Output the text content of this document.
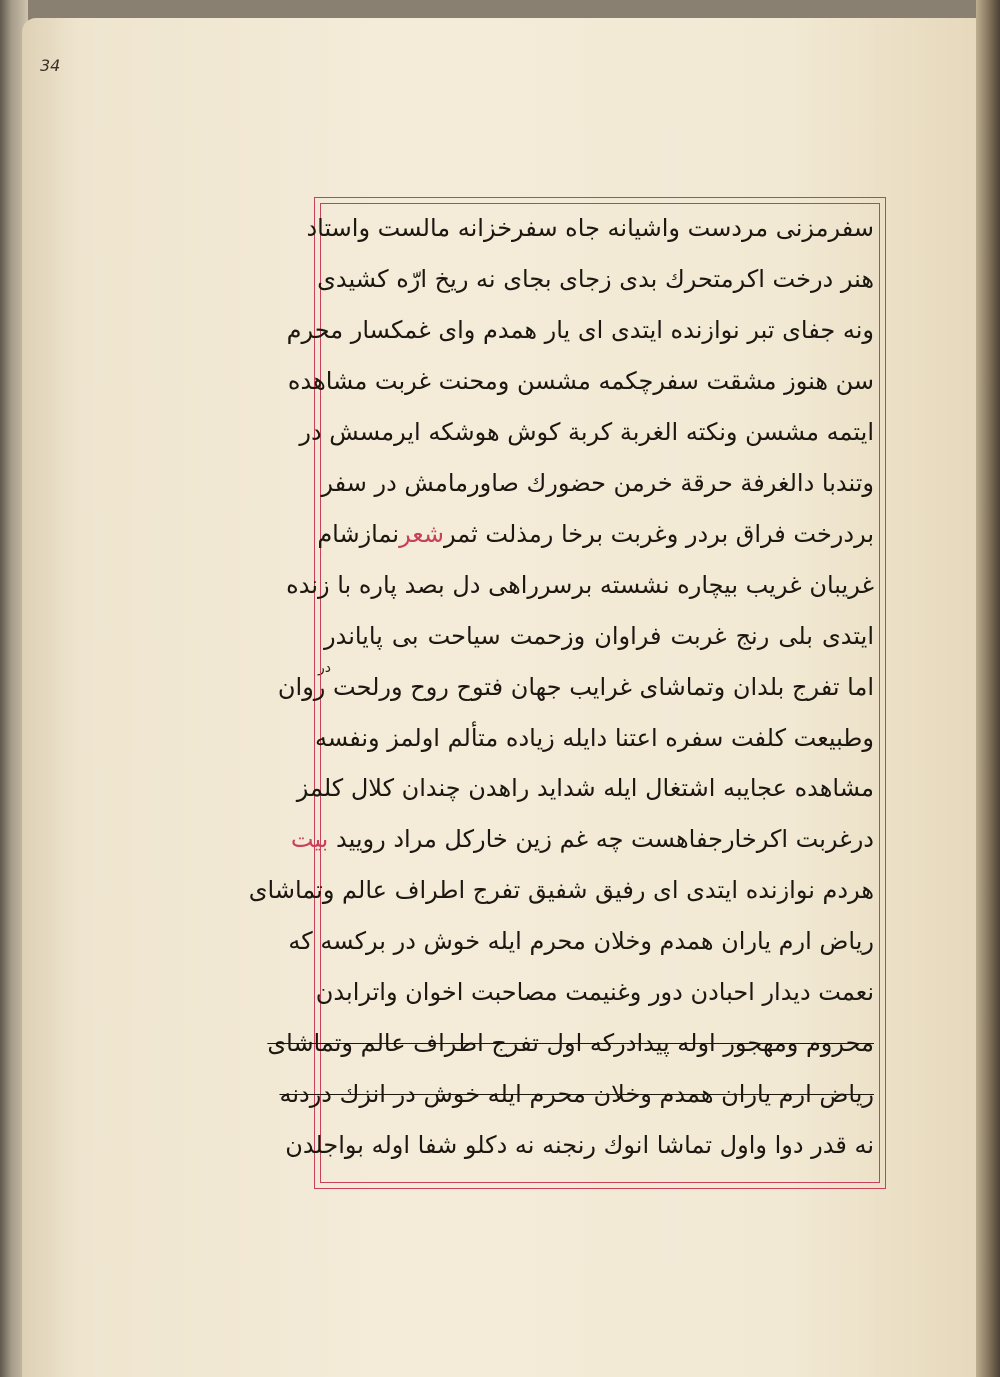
34
در
سفرمزنی مردست واشیانه جاه سفرخزانه مالست واستاد
هنر درخت اکرمتحرك بدی زجای بجای نه ریخ ارّه کشیدی
ونه جفای تبر نوازنده ایتدی ای یار همدم وای غمکسار محرم
سن هنوز مشقت سفرچکمه مشسن ومحنت غربت مشاهده
ایتمه مشسن ونکته الغربة کربة کوش هوشکه ایرمسش در
وتندبا دالغرفة حرقة خرمن حضورك صاورمامش در سفر
بردرخت فراق بردر وغربت برخا رمذلت ثمرشعرنمازشام
غریبان غریب بیچاره نشسته برسرراهی دل بصد پاره با زنده
ایتدی بلی رنج غربت فراوان وزحمت سیاحت بی پایاندر
اما تفرج بلدان وتماشای غرایب جهان فتوح روح ورلحت روان
وطبیعت کلفت سفره اعتنا دایله زیاده متألم اولمز ونفسه
مشاهده عجایبه اشتغال ایله شداید راهدن چندان کلال کلمز
درغربت اکرخارجفاهست چه غم زین خارکل مراد رویید بیت
هردم نوازنده ایتدی ای رفیق شفیق تفرج اطراف عالم وتماشای
ریاض ارم یاران همدم وخلان محرم ایله خوش در برکسه که
نعمت دیدار احبادن دور وغنیمت مصاحبت اخوان واترابدن
محروم ومهجور اوله پیدادرکه اول تفرج اطراف عالم وتماشای
ریاض ارم یاران همدم وخلان محرم ایله خوش در انزك دردنه
نه قدر دوا واول تماشا انوك رنجنه نه دکلو شفا اوله بواجلدن
